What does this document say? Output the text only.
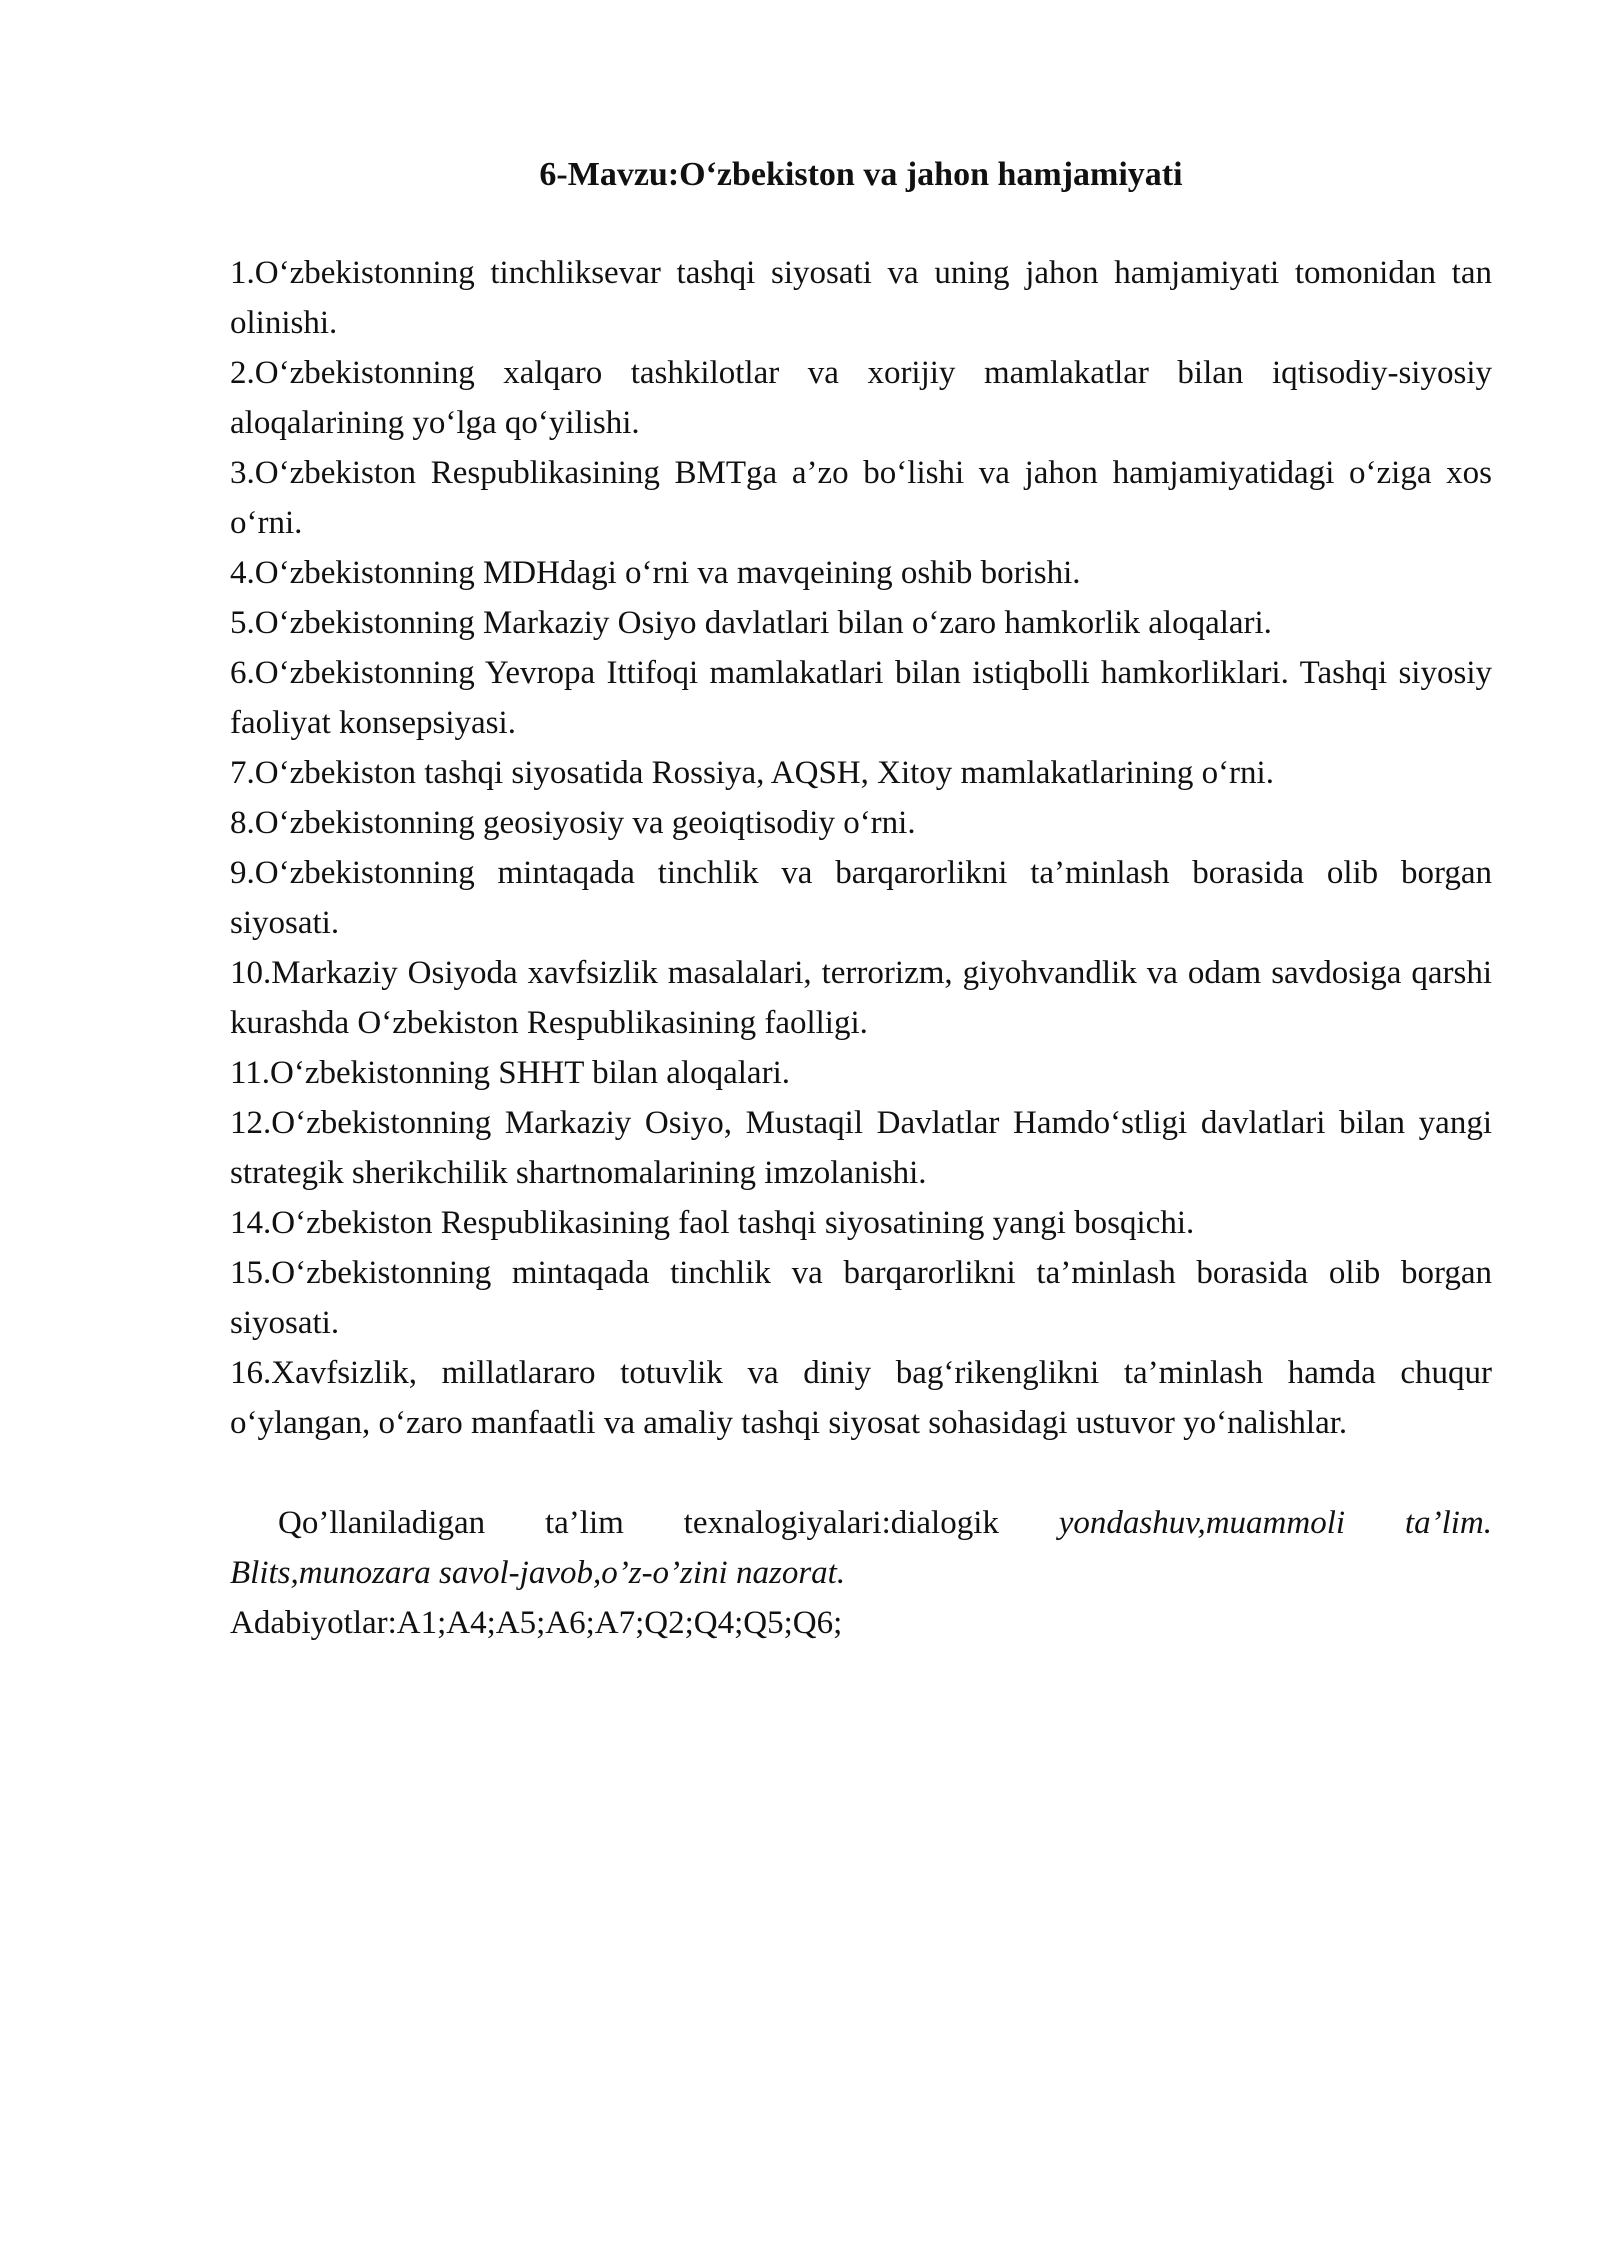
6-Mavzu:O‘zbekiston va jahon hamjamiyati
1.O‘zbekistonning tinchliksevar tashqi siyosati va uning jahon hamjamiyati tomonidan tan olinishi.
2.O‘zbekistonning xalqaro tashkilotlar va xorijiy mamlakatlar bilan iqtisodiy-siyosiy aloqalarining yo‘lga qo‘yilishi.
3.O‘zbekiston Respublikasining BMTga a’zo bo‘lishi va jahon hamjamiyatidagi o‘ziga xos o‘rni.
4.O‘zbekistonning MDHdagi o‘rni va mavqeining oshib borishi.
5.O‘zbekistonning Markaziy Osiyo davlatlari bilan o‘zaro hamkorlik aloqalari.
6.O‘zbekistonning Yevropa Ittifoqi mamlakatlari bilan istiqbolli hamkorliklari. Tashqi siyosiy faoliyat konsepsiyasi.
7.O‘zbekiston tashqi siyosatida Rossiya, AQSH, Xitoy mamlakatlarining o‘rni.
8.O‘zbekistonning geosiyosiy va geoiqtisodiy o‘rni.
9.O‘zbekistonning mintaqada tinchlik va barqarorlikni ta’minlash borasida olib borgan siyosati.
10.Markaziy Osiyoda xavfsizlik masalalari, terrorizm, giyohvandlik va odam savdosiga qarshi kurashda O‘zbekiston Respublikasining faolligi.
11.O‘zbekistonning SHHT bilan aloqalari.
12.O‘zbekistonning Markaziy Osiyo, Mustaqil Davlatlar Hamdo‘stligi davlatlari bilan yangi strategik sherikchilik shartnomalarining imzolanishi.
14.O‘zbekiston Respublikasining faol tashqi siyosatining yangi bosqichi.
15.O‘zbekistonning mintaqada tinchlik va barqarorlikni ta’minlash borasida olib borgan siyosati.
16.Xavfsizlik, millatlararo totuvlik va diniy bag‘rikenglikni ta’minlash hamda chuqur o‘ylangan, o‘zaro manfaatli va amaliy tashqi siyosat sohasidagi ustuvor yo‘nalishlar.

Qo’llaniladigan ta’lim texnalogiyalari:dialogik yondashuv,muammoli ta’lim. Blits,munozara savol-javob,o’z-o’zini nazorat.

Adabiyotlar:A1;A4;A5;A6;A7;Q2;Q4;Q5;Q6;
